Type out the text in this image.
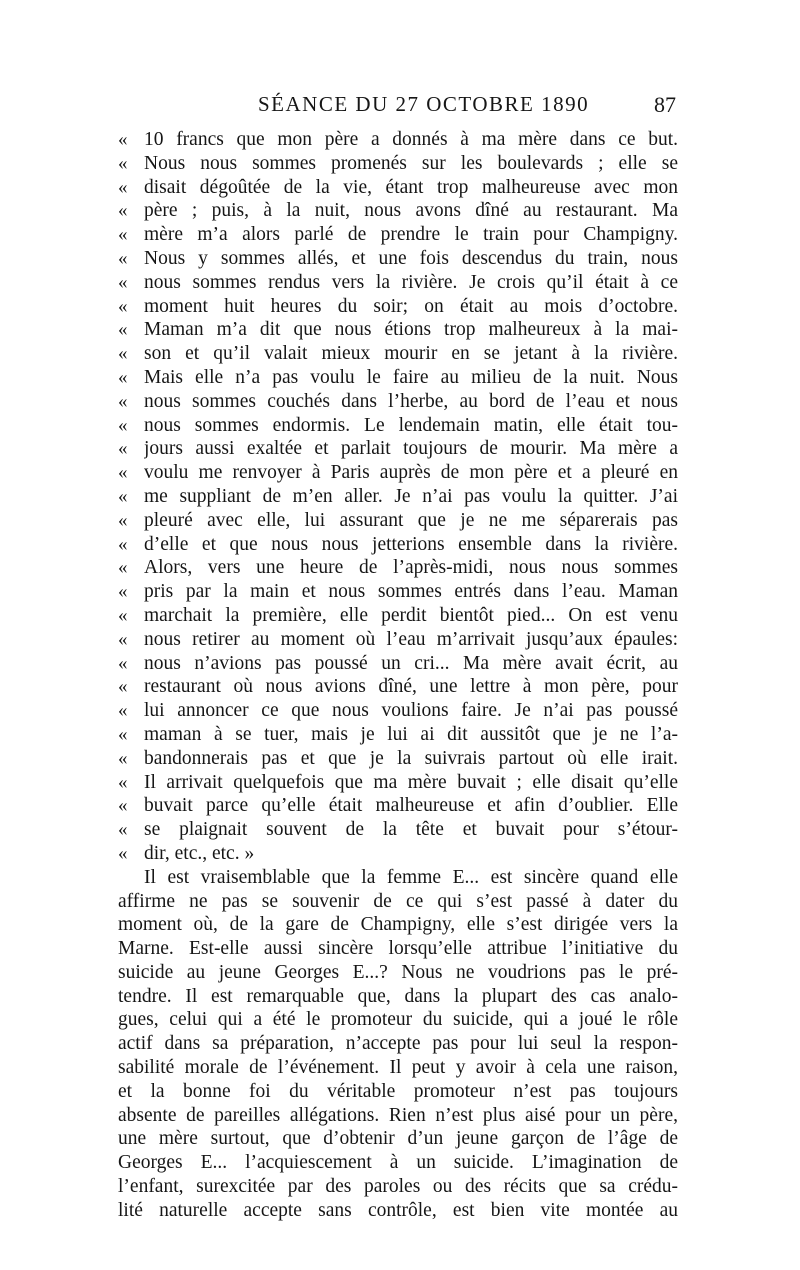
SÉANCE DU 27 OCTOBRE 1890	87
« 10 francs que mon père a donnés à ma mère dans ce but.
« Nous nous sommes promenés sur les boulevards ; elle se
« disait dégoûtée de la vie, étant trop malheureuse avec mon
« père ; puis, à la nuit, nous avons dîné au restaurant. Ma
« mère m’a alors parlé de prendre le train pour Champigny.
« Nous y sommes allés, et une fois descendus du train, nous
« nous sommes rendus vers la rivière. Je crois qu’il était à ce
« moment huit heures du soir; on était au mois d’octobre.
« Maman m’a dit que nous étions trop malheureux à la mai-
« son et qu’il valait mieux mourir en se jetant à la rivière.
« Mais elle n’a pas voulu le faire au milieu de la nuit. Nous
« nous sommes couchés dans l’herbe, au bord de l’eau et nous
« nous sommes endormis. Le lendemain matin, elle était tou-
« jours aussi exaltée et parlait toujours de mourir. Ma mère a
« voulu me renvoyer à Paris auprès de mon père et a pleuré en
« me suppliant de m’en aller. Je n’ai pas voulu la quitter. J’ai
« pleuré avec elle, lui assurant que je ne me séparerais pas
« d’elle et que nous nous jetterions ensemble dans la rivière.
« Alors, vers une heure de l’après-midi, nous nous sommes
« pris par la main et nous sommes entrés dans l’eau. Maman
« marchait la première, elle perdit bientôt pied... On est venu
« nous retirer au moment où l’eau m’arrivait jusqu’aux épaules:
« nous n’avions pas poussé un cri... Ma mère avait écrit, au
« restaurant où nous avions dîné, une lettre à mon père, pour
« lui annoncer ce que nous voulions faire. Je n’ai pas poussé
« maman à se tuer, mais je lui ai dit aussitôt que je ne l’a-
« bandonnerais pas et que je la suivrais partout où elle irait.
« Il arrivait quelquefois que ma mère buvait ; elle disait qu’elle
« buvait parce qu’elle était malheureuse et afin d’oublier. Elle
« se plaignait souvent de la tête et buvait pour s’étour-
« dir, etc., etc. »
Il est vraisemblable que la femme E... est sincère quand elle
affirme ne pas se souvenir de ce qui s’est passé à dater du
moment où, de la gare de Champigny, elle s’est dirigée vers la
Marne. Est-elle aussi sincère lorsqu’elle attribue l’initiative du
suicide au jeune Georges E...? Nous ne voudrions pas le pré-
tendre. Il est remarquable que, dans la plupart des cas analo-
gues, celui qui a été le promoteur du suicide, qui a joué le rôle
actif dans sa préparation, n’accepte pas pour lui seul la respon-
sabilité morale de l’événement. Il peut y avoir à cela une raison,
et la bonne foi du véritable promoteur n’est pas toujours
absente de pareilles allégations. Rien n’est plus aisé pour un père,
une mère surtout, que d’obtenir d’un jeune garçon de l’âge de
Georges E... l’acquiescement à un suicide. L’imagination de
l’enfant, surexcitée par des paroles ou des récits que sa crédu-
lité naturelle accepte sans contrôle, est bien vite montée au
